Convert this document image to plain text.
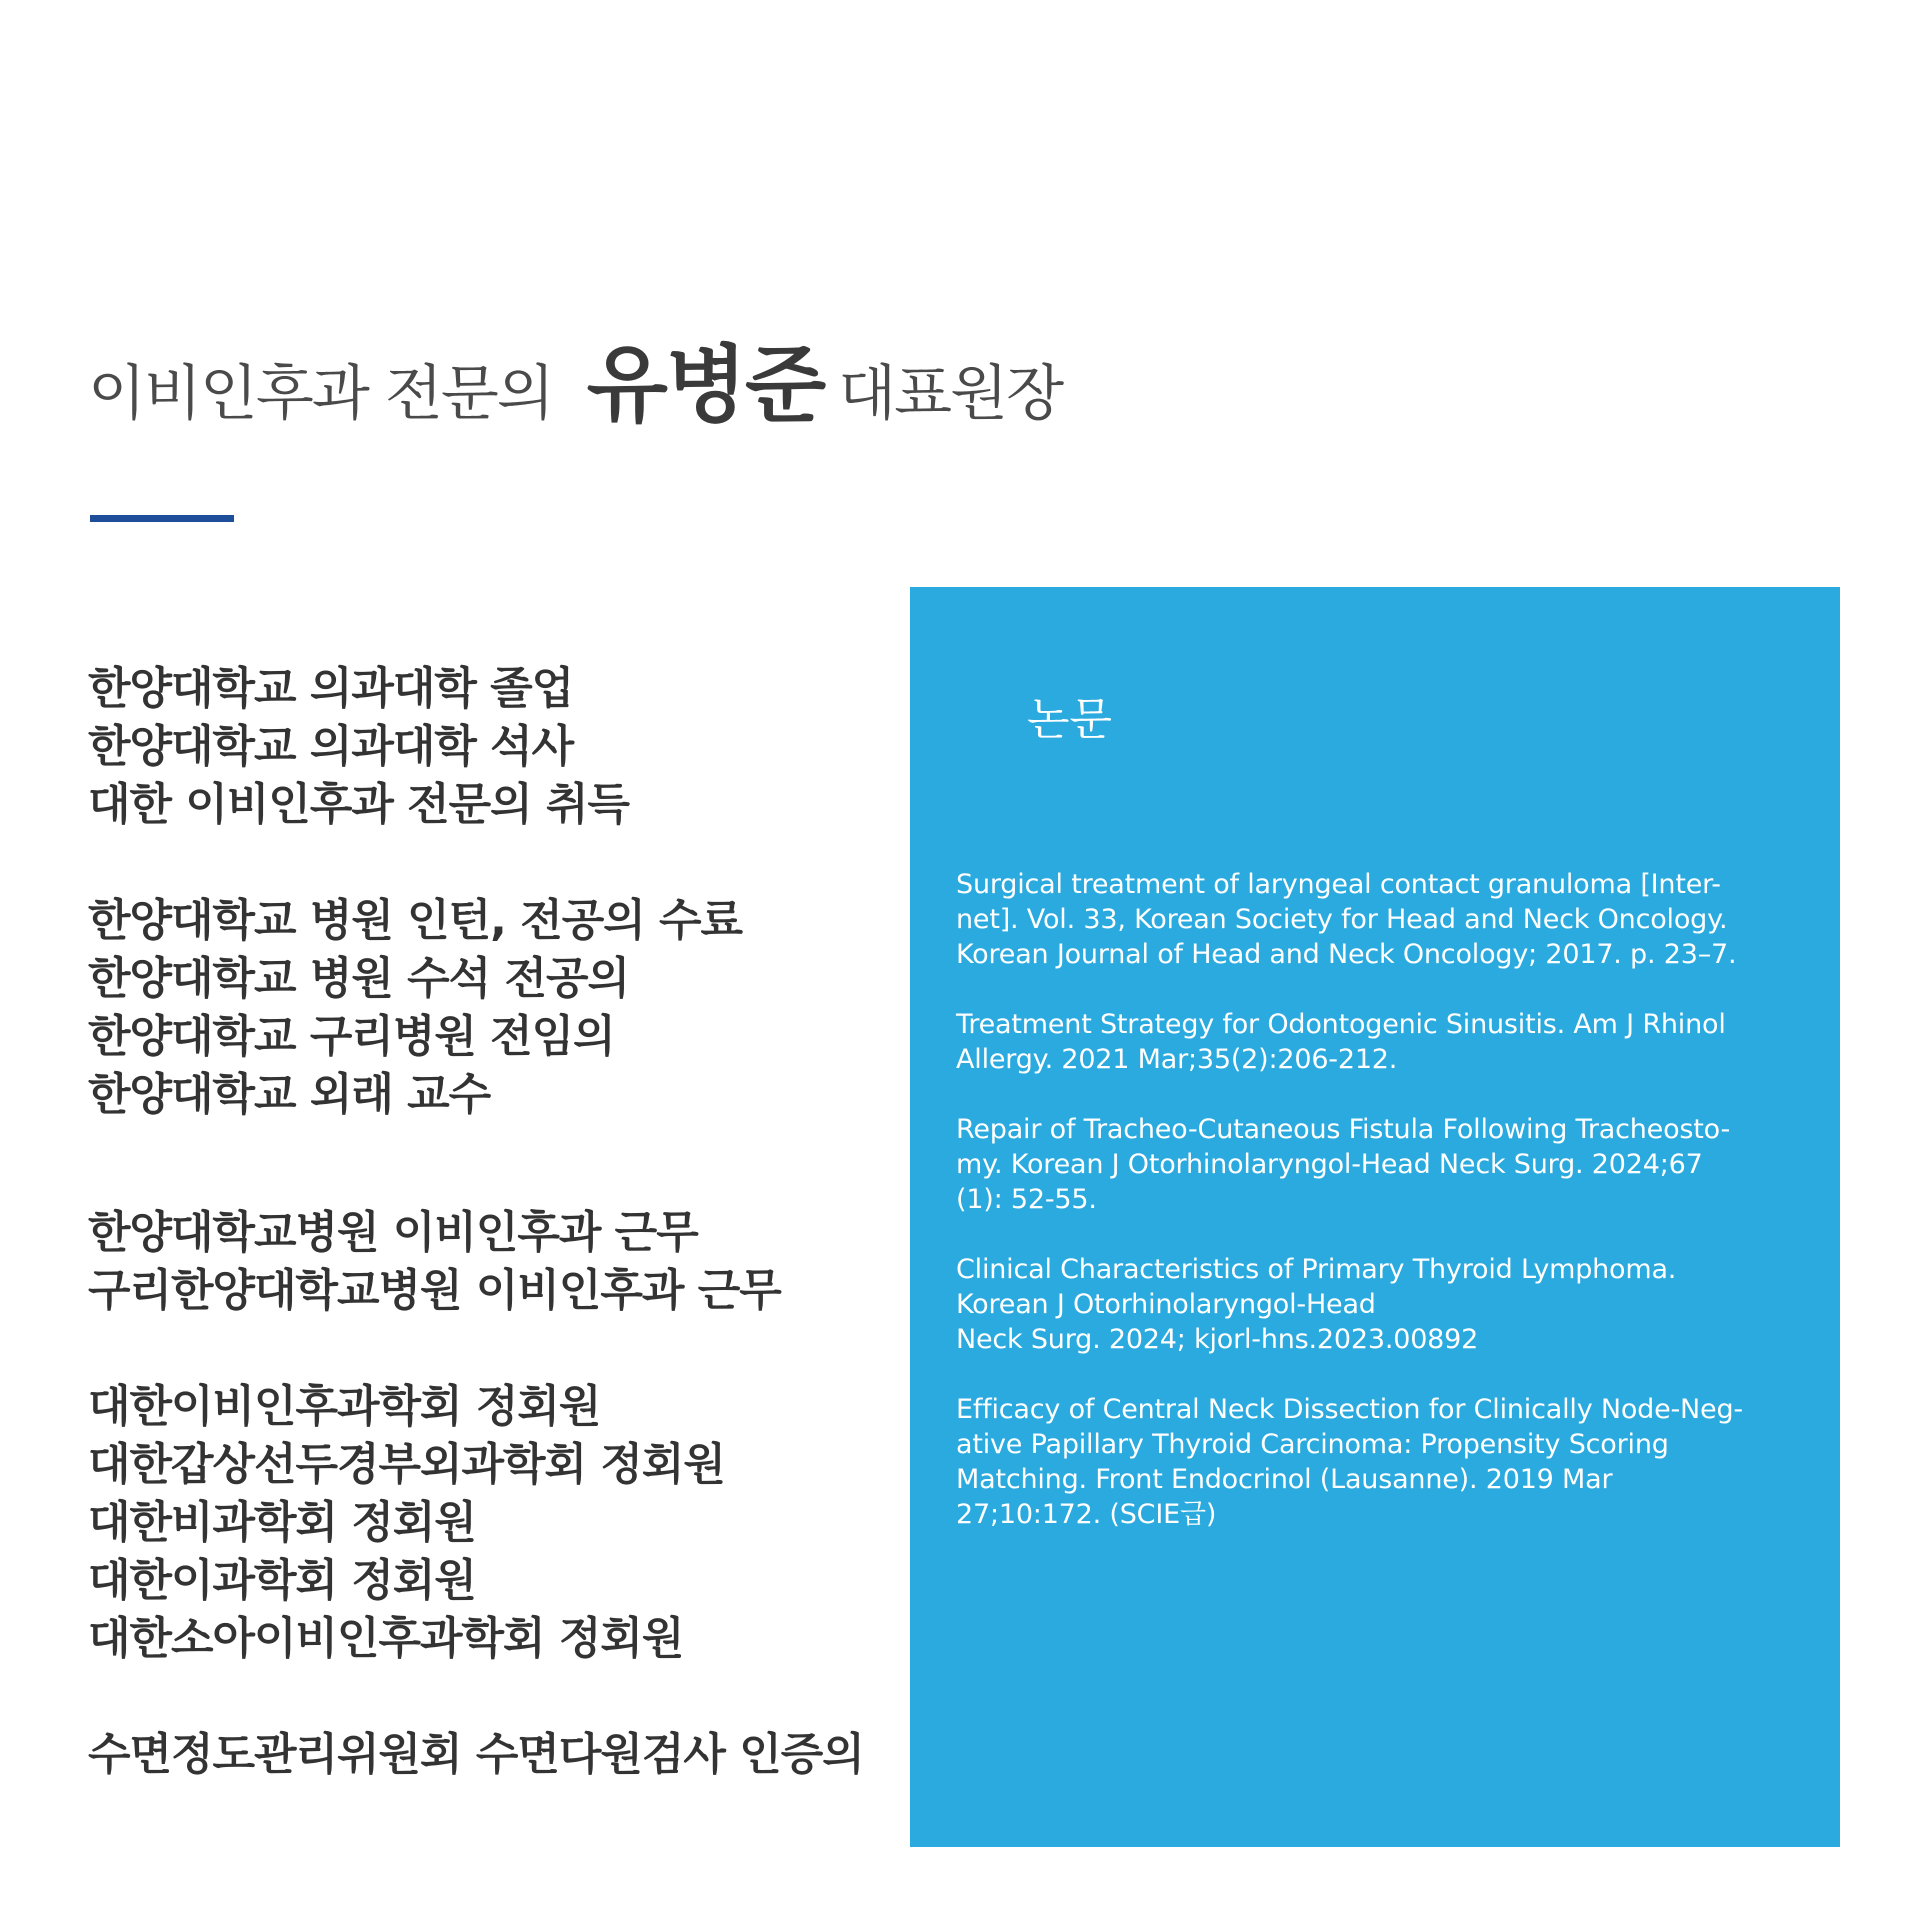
이비인후과 전문의 유병준 대표원장
한양대학교 의과대학 졸업
한양대학교 의과대학 석사
대한 이비인후과 전문의 취득
한양대학교 병원 인턴, 전공의 수료
한양대학교 병원 수석 전공의
한양대학교 구리병원 전임의
한양대학교 외래 교수
한양대학교병원 이비인후과 근무
구리한양대학교병원 이비인후과 근무
대한이비인후과학회 정회원
대한갑상선두경부외과학회 정회원
대한비과학회 정회원
대한이과학회 정회원
대한소아이비인후과학회 정회원
수면정도관리위원회 수면다원검사 인증의
논문
Surgical treatment of laryngeal contact granuloma [Inter-
net]. Vol. 33, Korean Society for Head and Neck Oncology.
Korean Journal of Head and Neck Oncology; 2017. p. 23–7.
Treatment Strategy for Odontogenic Sinusitis. Am J Rhinol
Allergy. 2021 Mar;35(2):206-212.
Repair of Tracheo-Cutaneous Fistula Following Tracheosto-
my. Korean J Otorhinolaryngol-Head Neck Surg. 2024;67
(1): 52-55.
Clinical Characteristics of Primary Thyroid Lymphoma.
Korean J Otorhinolaryngol-Head
Neck Surg. 2024; kjorl-hns.2023.00892
Efficacy of Central Neck Dissection for Clinically Node-Neg-
ative Papillary Thyroid Carcinoma: Propensity Scoring
Matching. Front Endocrinol (Lausanne). 2019 Mar
27;10:172. (SCIE급)
